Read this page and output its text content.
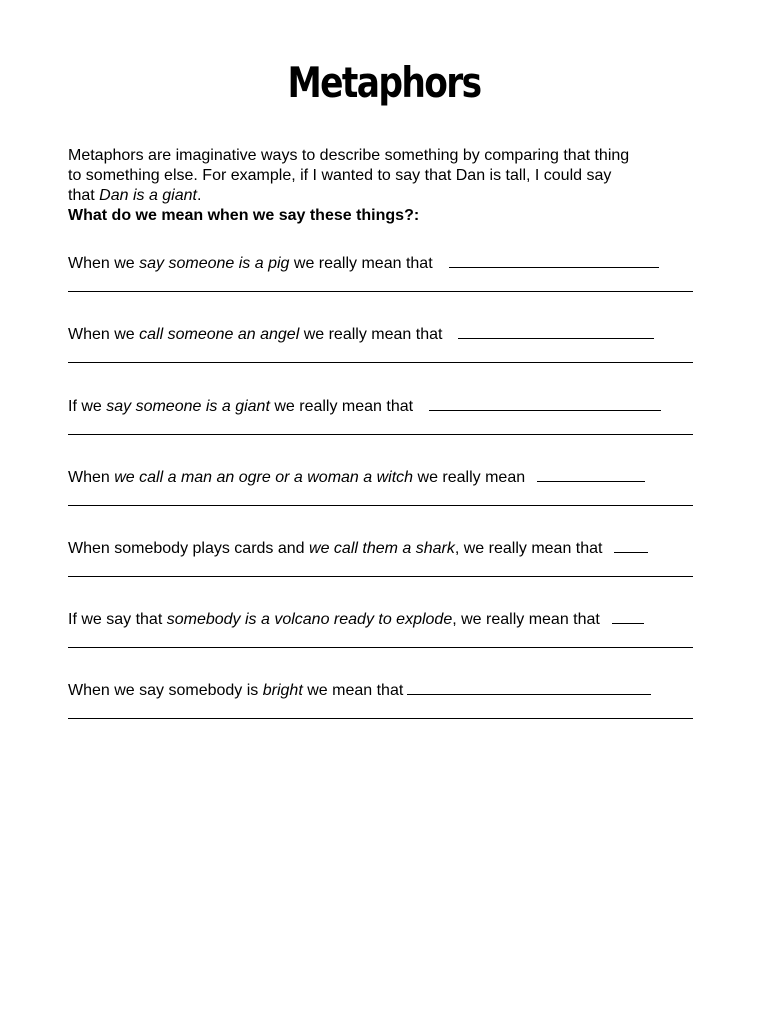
Metaphors

Metaphors are imaginative ways to describe something by comparing that thing

to something else. For example, if I wanted to say that Dan is tall, I could say

that Dan is a giant.

What do we mean when we say these things?:

When we say someone is a pig we really mean that
When we call someone an angel we really mean that
If we say someone is a giant we really mean that
When we call a man an ogre or a woman a witch we really mean
When somebody plays cards and we call them a shark, we really mean that
If we say that somebody is a volcano ready to explode, we really mean that
When we say somebody is bright we mean that
